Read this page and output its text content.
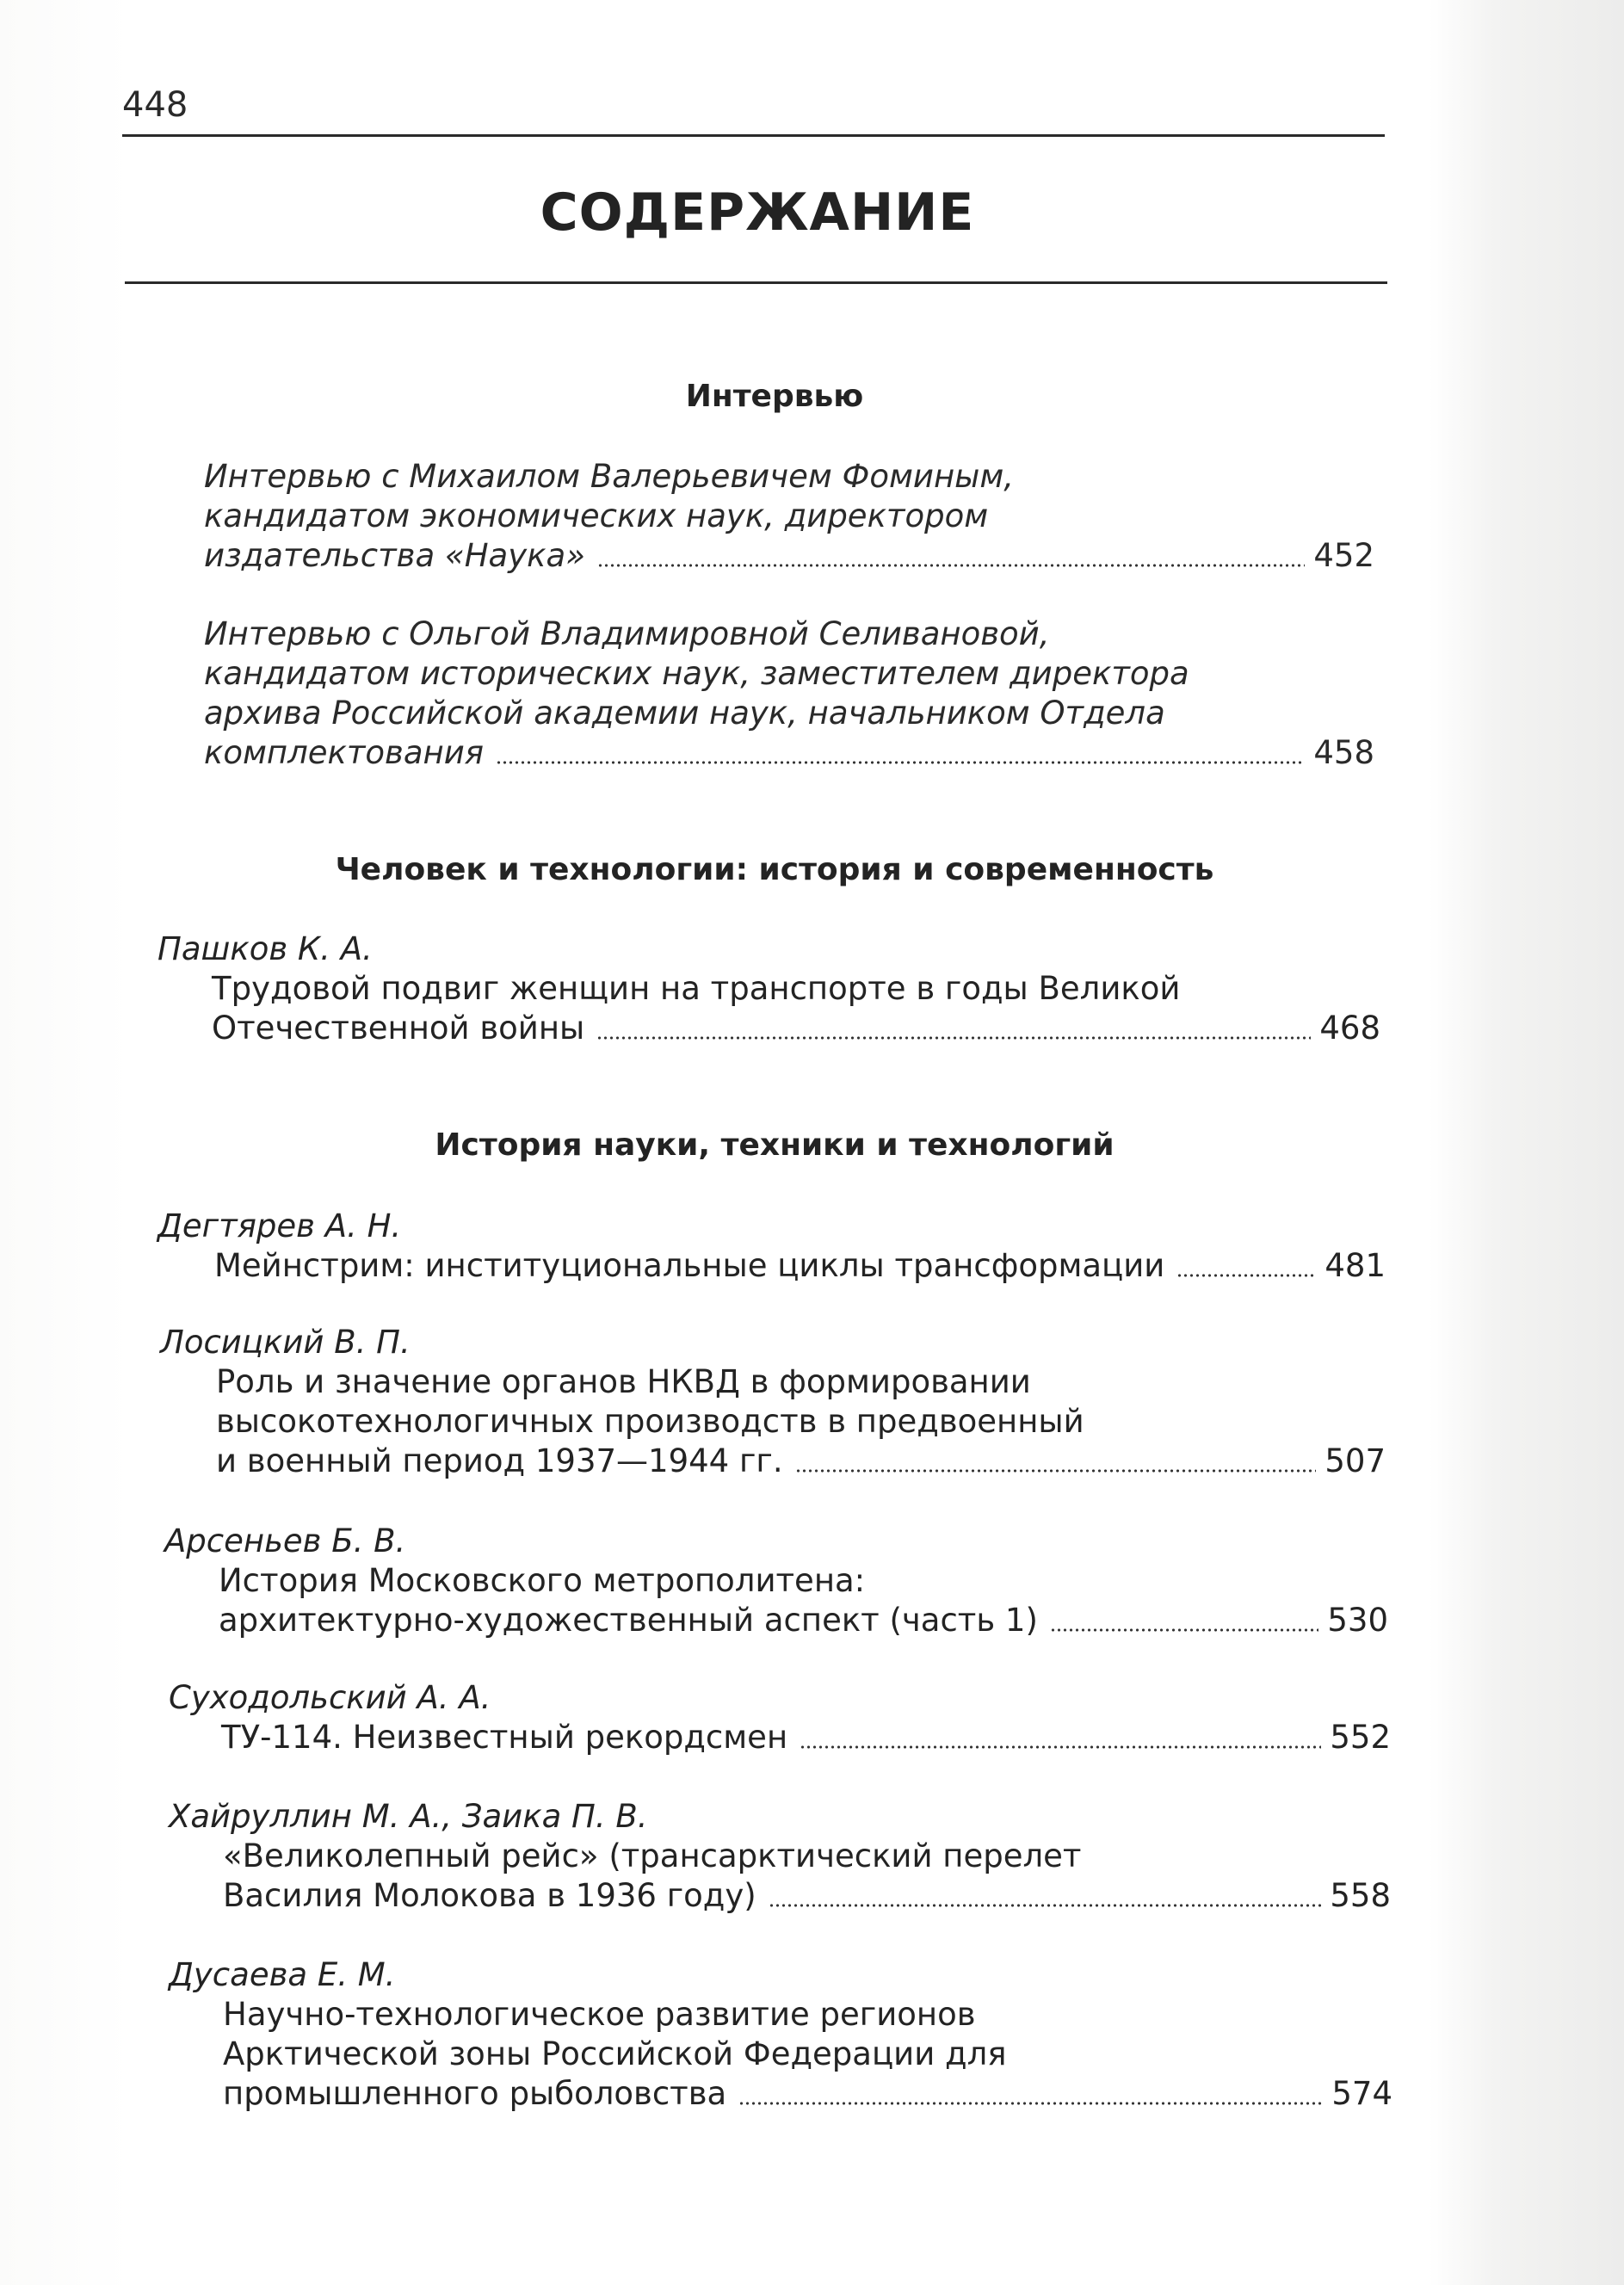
448
СОДЕРЖАНИЕ
Интервью
Интервью с Михаилом Валерьевичем Фоминым,
кандидатом экономических наук, директором
издательства «Наука»	452
Интервью с Ольгой Владимировной Селивановой,
кандидатом исторических наук, заместителем директора
архива Российской академии наук, начальником Отдела
комплектования	458
Человек и технологии: история и современность
Пашков К. А.
Трудовой подвиг женщин на транспорте в годы Великой
Отечественной войны	468
История науки, техники и технологий
Дегтярев А. Н.
Мейнстрим: институциональные циклы трансформации	481
Лосицкий В. П.
Роль и значение органов НКВД в формировании
высокотехнологичных производств в предвоенный
и военный период 1937—1944 гг.	507
Арсеньев Б. В.
История Московского метрополитена:
архитектурно-художественный аспект (часть 1)	530
Суходольский А. А.
ТУ-114. Неизвестный рекордсмен	552
Хайруллин М. А., Заика П. В.
«Великолепный рейс» (трансарктический перелет
Василия Молокова в 1936 году)	558
Дусаева Е. М.
Научно-технологическое развитие регионов
Арктической зоны Российской Федерации для
промышленного рыболовства	574
